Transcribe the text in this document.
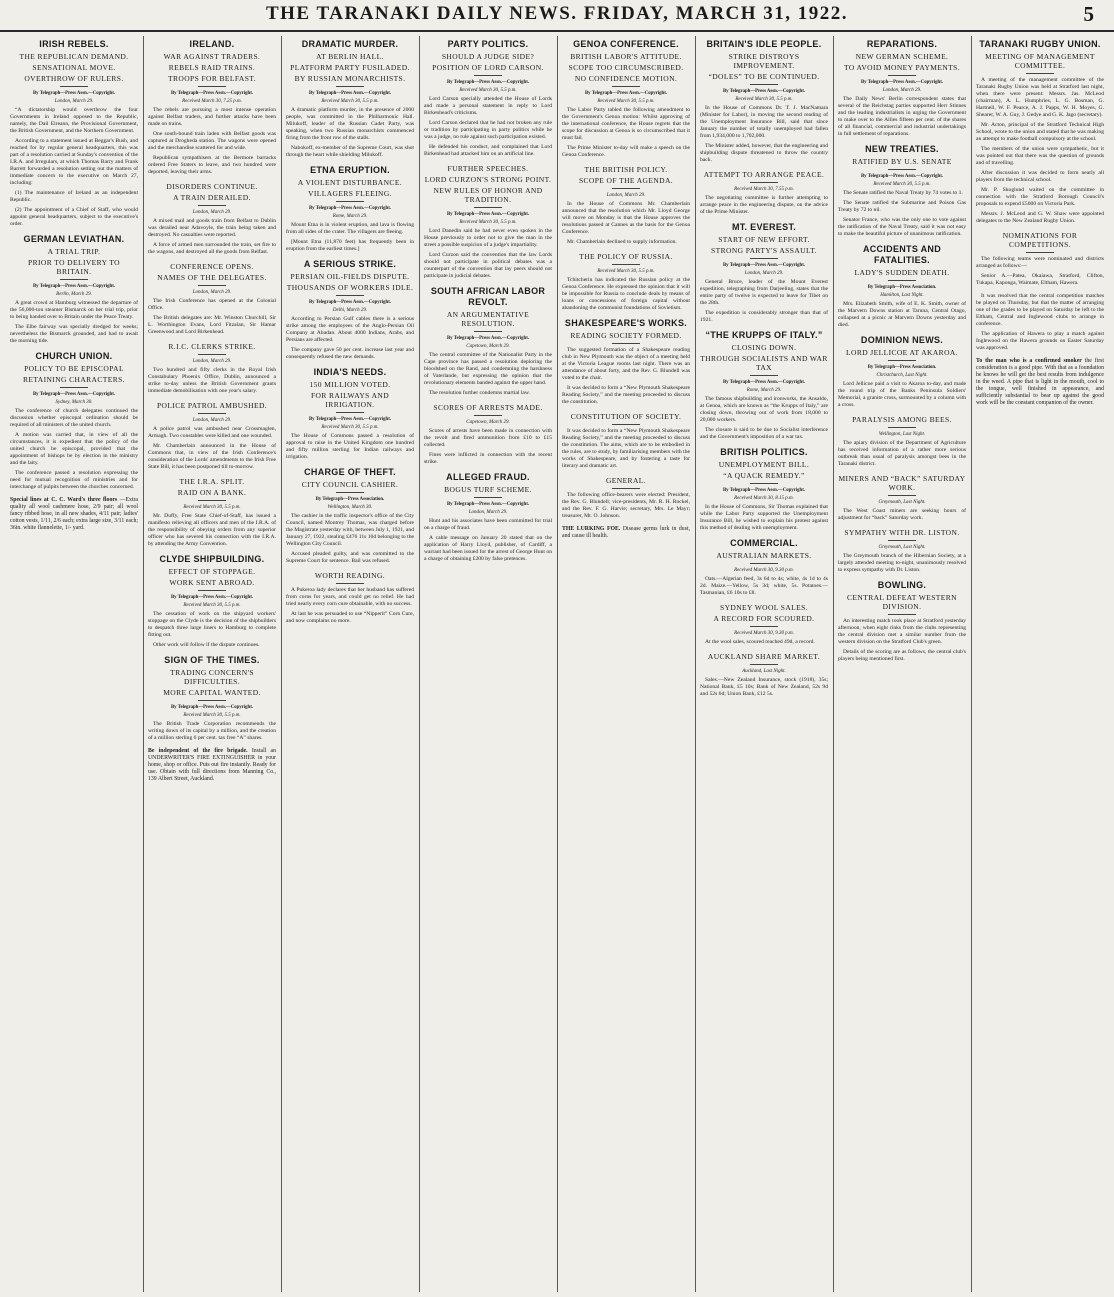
THE TARANAKI DAILY NEWS. FRIDAY, MARCH 31, 1922.	5
IRISH REBELS.
THE REPUBLICAN DEMAND.
SENSATIONAL MOVE.
OVERTHROW OF RULERS.
By Telegraph—Press Assn.—Copyright.
London, March 29.

“A dictatorship would overthrow the four Governments in Ireland opposed to the Republic, namely, the Dail Eireann, the Provisional Government, the British Government, and the Northern Government.

According to a statement issued at Beggar's Bush, and reached for by regular general headquarters, this was part of a resolution carried at Sunday's convention of the I.R.A. and Irregulars, at which Thomas Barry and Frank Barrett forwarded a resolution setting out the matters of immediate concern to the executive on March 27, including:

(1) The maintenance of Ireland as an independent Republic.

(2) The appointment of a Chief of Staff, who would appoint general headquarters, subject to the executive's order.

GERMAN LEVIATHAN.
A TRIAL TRIP.
PRIOR TO DELIVERY TO BRITAIN.
By Telegraph—Press Assn.—Copyright.
Berlin, March 29.

A great crowd at Hamburg witnessed the departure of the 56,000-ton steamer Bismarck on her trial trip, prior to being handed over to Britain under the Peace Treaty.

The Elbe fairway was specially dredged for weeks; nevertheless the Bismarck grounded, and had to await the morning tide.

CHURCH UNION.
POLICY TO BE EPISCOPAL
RETAINING CHARACTERS.
By Telegraph—Press Assn.—Copyright.
Sydney, March 30.

The conference of church delegates continued the discussion whether episcopal ordination should be required of all ministers of the united church.

A motion was carried that, in view of all the circumstances, it is expedient that the policy of the united church be episcopal, provided that the appointment of bishops be by election in the ministry and the laity.

The conference passed a resolution expressing the need for mutual recognition of ministries and for interchange of pulpits between the churches concerned.

Special lines at C. C. Ward's three floors —Extra quality all wool cashmere hose, 2/9 pair; all wool fancy ribbed hose, in all new shades, 4/11 pair; ladies' cotton vests, 1/11, 2/6 each; extra large size, 3/11 each; 36in. white flannelette, 1/- yard.
IRELAND.
WAR AGAINST TRADERS.
REBELS RAID TRAINS.
TROOPS FOR BELFAST.
By Telegraph—Press Assn.—Copyright.
Received March 30, 7.25 p.m.

The rebels are pursuing a most intense operation against Belfast traders, and further attacks have been made on trains.

One south-bound train laden with Belfast goods was captured at Drogheda station. The wagons were opened and the merchandise scattered for and wide.

Republican sympathisers at the Bermore barracks ordered Free Staters to leave, and two hundred were deported, leaving their arms.

DISORDERS CONTINUE.
A TRAIN DERAILED.
London, March 29.

A mixed mail and goods train from Belfast to Dublin was derailed near Adavoyle, the train being taken and destroyed. No casualties were reported.

A force of armed men surrounded the train, set fire to the wagons, and destroyed all the goods from Belfast.

CONFERENCE OPENS.
NAMES OF THE DELEGATES.
London, March 29.

The Irish Conference has opened at the Colonial Office.

The British delegates are: Mr. Winston Churchill, Sir L. Worthington Evans, Lord Fitzalan, Sir Hamar Greenwood and Lord Birkenhead.

R.I.C. CLERKS STRIKE.
London, March 29.

Two hundred and fifty clerks in the Royal Irish Constabulary Phoenix Office, Dublin, announced a strike to-day unless the British Government grants immediate demobilisation with one year's salary.

POLICE PATROL AMBUSHED.
London, March 29.

A police patrol was ambushed near Crossmaglen, Armagh. Two constables were killed and one wounded.

Mr. Chamberlain announced in the House of Commons that, in view of the Irish Conference's consideration of the Lords' amendments to the Irish Free State Bill, it has been postponed till to-morrow.

THE I.R.A. SPLIT.
RAID ON A BANK.
Received March 30, 5.5 p.m.

Mr. Duffy, Free State Chief-of-Staff, has issued a manifesto relieving all officers and men of the I.R.A. of the responsibility of obeying orders from any superior officer who has severed his connection with the I.R.A. by attending the Army Convention.

CLYDE SHIPBUILDING.
EFFECT OF STOPPAGE.
WORK SENT ABROAD.
By Telegraph—Press Assn.—Copyright.
Received March 30, 5.5 p.m.

The cessation of work on the shipyard workers' stoppage on the Clyde is the decision of the shipbuilders to despatch three large liners to Hamburg to complete fitting out.

Other work will follow if the dispute continues.

SIGN OF THE TIMES.
TRADING CONCERN'S DIFFICULTIES.
MORE CAPITAL WANTED.
By Telegraph—Press Assn.—Copyright.
Received March 30, 5.5 p.m.

The British Trade Corporation recommends the writing down of its capital by a million, and the creation of a million sterling 6 per cent. tax free “A” shares.

Be independent of the fire brigade. Install an UNDERWRITER'S FIRE EXTINGUISHER in your home, shop or office. Puts out fire instantly. Ready for use. Obtain with full directions from Manning Co., 139 Albert Street, Auckland.
DRAMATIC MURDER.
AT BERLIN HALL.
PLATFORM PARTY FUSILADED.
BY RUSSIAN MONARCHISTS.
By Telegraph—Press Assn.—Copyright.
Received March 30, 5.5 p.m.

A dramatic platform murder, in the presence of 2000 people, was committed in the Philharmonic Hall. Milukoff, leader of the Russian Cadet Party, was speaking, when two Russian monarchists commenced firing from the front row of the stalls.

Nabokoff, ex-member of the Supreme Court, was shot through the heart while shielding Milukoff.

ETNA ERUPTION.
A VIOLENT DISTURBANCE.
VILLAGERS FLEEING.
By Telegraph—Press Assn.—Copyright.
Rome, March 29.

Mount Etna is in violent eruption, and lava is flowing from all sides of the crater. The villagers are fleeing.

[Mount Etna (11,870 feet) has frequently been in eruption from the earliest times.]

A SERIOUS STRIKE.
PERSIAN OIL-FIELDS DISPUTE.
THOUSANDS OF WORKERS IDLE.
By Telegraph—Press Assn.—Copyright.
Delhi, March 29.

According to Persian Gulf cables there is a serious strike among the employees of the Anglo-Persian Oil Company at Abadan. About 4000 Indians, Arabs, and Persians are affected.

The company gave 50 per cent. increase last year and consequently refused the new demands.

INDIA'S NEEDS.
150 MILLION VOTED.
FOR RAILWAYS AND IRRIGATION.
By Telegraph—Press Assn.—Copyright.
Received March 30, 5.5 p.m.

The House of Commons passed a resolution of approval to raise in the United Kingdom one hundred and fifty million sterling for Indian railways and irrigation.

CHARGE OF THEFT.
CITY COUNCIL CASHIER.
By Telegraph—Press Association.
Wellington, March 30.

The cashier in the traffic inspector's office of the City Council, named Montrey Thomas, was charged before the Magistrate yesterday with, between July 1, 1921, and January 27, 1922, stealing £476 11s 10d belonging to the Wellington City Council.

Accused pleaded guilty, and was committed to the Supreme Court for sentence. Bail was refused.

WORTH READING.

A Pukeroa lady declares that her husband has suffered from corns for years, and could get no relief. He had tried nearly every corn cure obtainable, with no success.

At last he was persuaded to use “Nipperit” Corn Cure, and now complains no more.

PARTY POLITICS.
SHOULD A JUDGE SIDE?
POSITION OF LORD CARSON.
By Telegraph—Press Assn.—Copyright.
Received March 30, 5.5 p.m.

Lord Carson specially attended the House of Lords and made a personal statement in reply to Lord Birkenhead's criticisms.

Lord Carson declared that he had not broken any rule or tradition by participating in party politics while he was a judge, no rule against such participation existed.

He defended his conduct, and complained that Lord Birkenhead had attacked him on an artificial line.

FURTHER SPEECHES.
LORD CURZON'S STRONG POINT.
NEW RULES OF HONOR AND TRADITION.
By Telegraph—Press Assn.—Copyright.
Received March 30, 5.5 p.m.

Lord Danedin said he had never even spoken in the House previously to order not to give the man in the street a possible suspicion of a judge's impartiality.

Lord Curzon said the convention that the law Lords should not participate in political debates was a counterpart of the convention that lay peers should not participate in judicial debates.

SOUTH AFRICAN LABOR REVOLT.
AN ARGUMENTATIVE RESOLUTION.
By Telegraph—Press Assn.—Copyright.
Capetown, March 29.

The central committee of the Nationalist Party in the Cape province has passed a resolution deploring the bloodshed on the Rand, and condemning the harshness of Vaterlande, but expressing the opinion that the revolutionary elements banded against the upper hand.

The resolution further condemns martial law.

SCORES OF ARRESTS MADE.
Capetown, March 29.

Scores of arrests have been made in connection with the revolt and fired ammunition from £10 to £15 collected.

Fines were inflicted in connection with the recent strike.

ALLEGED FRAUD.
BOGUS TURF SCHEME.
By Telegraph—Press Assn.—Copyright.
London, March 29.

Hunt and his associates have been committed for trial on a charge of fraud.

A cable message on January 20 stated that on the application of Harry Lloyd, publisher, of Cardiff, a warrant had been issued for the arrest of George Hunt on a charge of obtaining £200 by false pretences.

GENOA CONFERENCE.
BRITISH LABOR'S ATTITUDE.
SCOPE TOO CIRCUMSCRIBED.
NO CONFIDENCE MOTION.
By Telegraph—Press Assn.—Copyright.
Received March 30, 5.5 p.m.

The Labor Party tabled the following amendment to the Government's Genoa motion: Whilst approving of the international conference, the House regrets that the scope for discussion at Genoa is so circumscribed that it must fail.

The Prime Minister to-day will make a speech on the Genoa Conference.

THE BRITISH POLICY.
SCOPE OF THE AGENDA.
London, March 29.

In the House of Commons Mr. Chamberlain announced that the resolution which Mr. Lloyd George will move on Monday is that the House approves the resolutions passed at Cannes as the basis for the Genoa Conference.

Mr. Chamberlain declined to supply information.

THE POLICY OF RUSSIA.
Received March 30, 5.5 p.m.

Tchitcherin has indicated the Russian policy at the Genoa Conference. He expressed the opinion that it will be impossible for Russia to conclude deals by means of loans or concessions of foreign capital without abandoning the communist foundations of Sovietism.

SHAKESPEARE'S WORKS.
READING SOCIETY FORMED.

The suggested formation of a Shakespeare reading club in New Plymouth was the object of a meeting held at the Victoria League rooms last night. There was an attendance of about forty, and the Rev. G. Blundell was voted to the chair.

It was decided to form a “New Plymouth Shakespeare Reading Society,” and the meeting proceeded to discuss the constitution.

CONSTITUTION OF SOCIETY.

It was decided to form a “New Plymouth Shakespeare Reading Society,” and the meeting proceeded to discuss the constitution. The aims, which are to be embodied in the rules, are to study, by familiarising members with the works of Shakespeare, and by fostering a taste for literary and dramatic art.

GENERAL.

The following office-bearers were elected: President, the Rev. G. Blundell; vice-presidents, Mr. R. H. Rockel, and the Rev. F. G. Harvie; secretary, Mrs. Le Mayr; treasurer, Mr. O. Johnson.

THE LURKING FOE. Disease germs lurk in dust, and cause ill health.
BRITAIN'S IDLE PEOPLE.
STRIKE DISTROYS IMPROVEMENT.
“DOLES” TO BE CONTINUED.
By Telegraph—Press Assn.—Copyright.
Received March 30, 5.5 p.m.

In the House of Commons Dr. T. J. MacNamara (Minister for Labor), in moving the second reading of the Unemployment Insurance Bill, said that since January the number of totally unemployed had fallen from 1,934,000 to 1,702,000.

The Minister added, however, that the engineering and shipbuilding dispute threatened to throw the country back.

ATTEMPT TO ARRANGE PEACE.
Received March 30, 7.55 p.m.

The negotiating committee is further attempting to arrange peace in the engineering dispute, on the advice of the Prime Minister.

MT. EVEREST.
START OF NEW EFFORT.
STRONG PARTY'S ASSAULT.
By Telegraph—Press Assn.—Copyright.
London, March 29.

General Bruce, leader of the Mount Everest expedition, telegraphing from Darjeeling, states that the entire party of twelve is expected to leave for Tibet on the 28th.

The expedition is considerably stronger than that of 1921.

“THE KRUPPS OF ITALY.”
CLOSING DOWN.
THROUGH SOCIALISTS AND WAR TAX
By Telegraph—Press Assn.—Copyright.
Rome, March 29.

The famous shipbuilding and ironworks, the Ansaldo, at Genoa, which are known as “the Krupps of Italy,” are closing down, throwing out of work from 18,000 to 20,000 workers.

The closure is said to be due to Socialist interference and the Government's imposition of a war tax.

BRITISH POLITICS.
UNEMPLOYMENT BILL.
“A QUACK REMEDY.”
By Telegraph—Press Assn.—Copyright.
Received March 30, 8.15 p.m.

In the House of Commons, Sir Thomas explained that while the Labor Party supported the Unemployment Insurance Bill, he wished to explain his protest against this method of dealing with unemployment.

COMMERCIAL.
AUSTRALIAN MARKETS.
Received March 30, 9.30 p.m.

Oats.—Algerian feed, 3s 6d to 4s; white, 4s 1d to 4s 2d. Maize.—Yellow, 5s 3d; white, 5s. Potatoes.—Tasmanian, £6 10s to £8.

SYDNEY WOOL SALES.
A RECORD FOR SCOURED.
Received March 30, 9.30 p.m.

At the wool sales, scoured reached 49d, a record.

AUCKLAND SHARE MARKET.
Auckland, Last Night.

Sales.—New Zealand Insurance, stock (1918), 35s; National Bank, £5 10s; Bank of New Zealand, 52s 9d and 52s 6d; Union Bank, £12 5s.

REPARATIONS.
NEW GERMAN SCHEME.
TO AVOID MONEY PAYMENTS.
By Telegraph—Press Assn.—Copyright.
London, March 29.

The Daily News' Berlin correspondent states that several of the Reichstag parties supported Herr Stinnes and the leading industrialists in urging the Government to make over to the Allies fifteen per cent. of the shares of all financial, commercial and industrial undertakings in full settlement of reparations.

NEW TREATIES.
RATIFIED BY U.S. SENATE
By Telegraph—Press Assn.—Copyright.
Received March 30, 5.5 p.m.

The Senate ratified the Naval Treaty by 74 votes to 1.

The Senate ratified the Submarine and Poison Gas Treaty by 72 to nil.

Senator France, who was the only one to vote against the ratification of the Naval Treaty, said it was not easy to make the beautiful picture of unanimous ratification.

ACCIDENTS AND FATALITIES.
LADY'S SUDDEN DEATH.
By Telegraph—Press Association.
Hamilton, Last Night.

Mrs. Elizabeth Smith, wife of E. K. Smith, owner of the Marvern Downs station at Taruna, Central Otago, collapsed at a picnic at Marvern Downs yesterday and died.

DOMINION NEWS.
LORD JELLICOE AT AKAROA.
By Telegraph—Press Association.
Christchurch, Last Night.

Lord Jellicoe paid a visit to Akaroa to-day, and made the round trip of the Banks Peninsula Soldiers' Memorial, a granite cross, surmounted by a column with a cross.

PARALYSIS AMONG BEES.
Wellington, Last Night.

The apiary division of the Department of Agriculture has received information of a rather more serious outbreak than usual of paralysis amongst bees in the Taranaki district.

MINERS AND “BACK” SATURDAY WORK.
Greymouth, Last Night.

The West Coast miners are seeking hours of adjustment for “back” Saturday work.

SYMPATHY WITH DR. LISTON.
Greymouth, Last Night.

The Greymouth branch of the Hibernian Society, at a largely attended meeting to-night, unanimously resolved to express sympathy with Dr. Liston.

BOWLING.
CENTRAL DEFEAT WESTERN DIVISION.

An interesting match took place at Stratford yesterday afternoon, when eight rinks from the clubs representing the central division met a similar number from the western division on the Stratford Club's green.

Details of the scoring are as follows, the central club's players being mentioned first.

TARANAKI RUGBY UNION.
MEETING OF MANAGEMENT COMMITTEE.

A meeting of the management committee of the Taranaki Rugby Union was held at Stratford last night, when there were present: Messrs. Jas. McLeod (chairman), A. L. Humphries, L. G. Bosman, G. Hartnell, W. F. Pearce, A. J. Papps, W. H. Moyes, G. Shearer, W. A. Guy, J. Gedye and G. K. Jago (secretary).

Mr. Acton, principal of the Stratford Technical High School, wrote to the union and stated that he was making an attempt to make football compulsory at the school.

The members of the union were sympathetic, but it was pointed out that there was the question of grounds and of travelling.

After discussion it was decided to form nearly all players from the technical school.

Mr. P. Skoglund waited on the committee in connection with the Stratford Borough Council's proposals to expend £5000 on Victoria Park.

Messrs. J. McLeod and G. W. Shaw were appointed delegates to the New Zealand Rugby Union.

NOMINATIONS FOR COMPETITIONS.

The following teams were nominated and districts arranged as follows:—

Senior A.—Patea, Okaiawa, Stratford, Clifton, Tukapa, Kaponga, Waimate, Eltham, Hawera.

It was resolved that the central competition matches be played on Thursday, but that the matter of arranging one of the grades to be played on Saturday be left to the Eltham, Central and Inglewood clubs to arrange in conference.

The application of Hawera to play a match against Inglewood on the Hawera grounds on Easter Saturday was approved.

To the man who is a confirmed smoker the first consideration is a good pipe. With that as a foundation he knows he will get the best results from indulgence in the weed. A pipe that is light in the mouth, cool to the tongue, well finished in appearance, and sufficiently substantial to bear up against the good work will be the constant companion of the owner.
